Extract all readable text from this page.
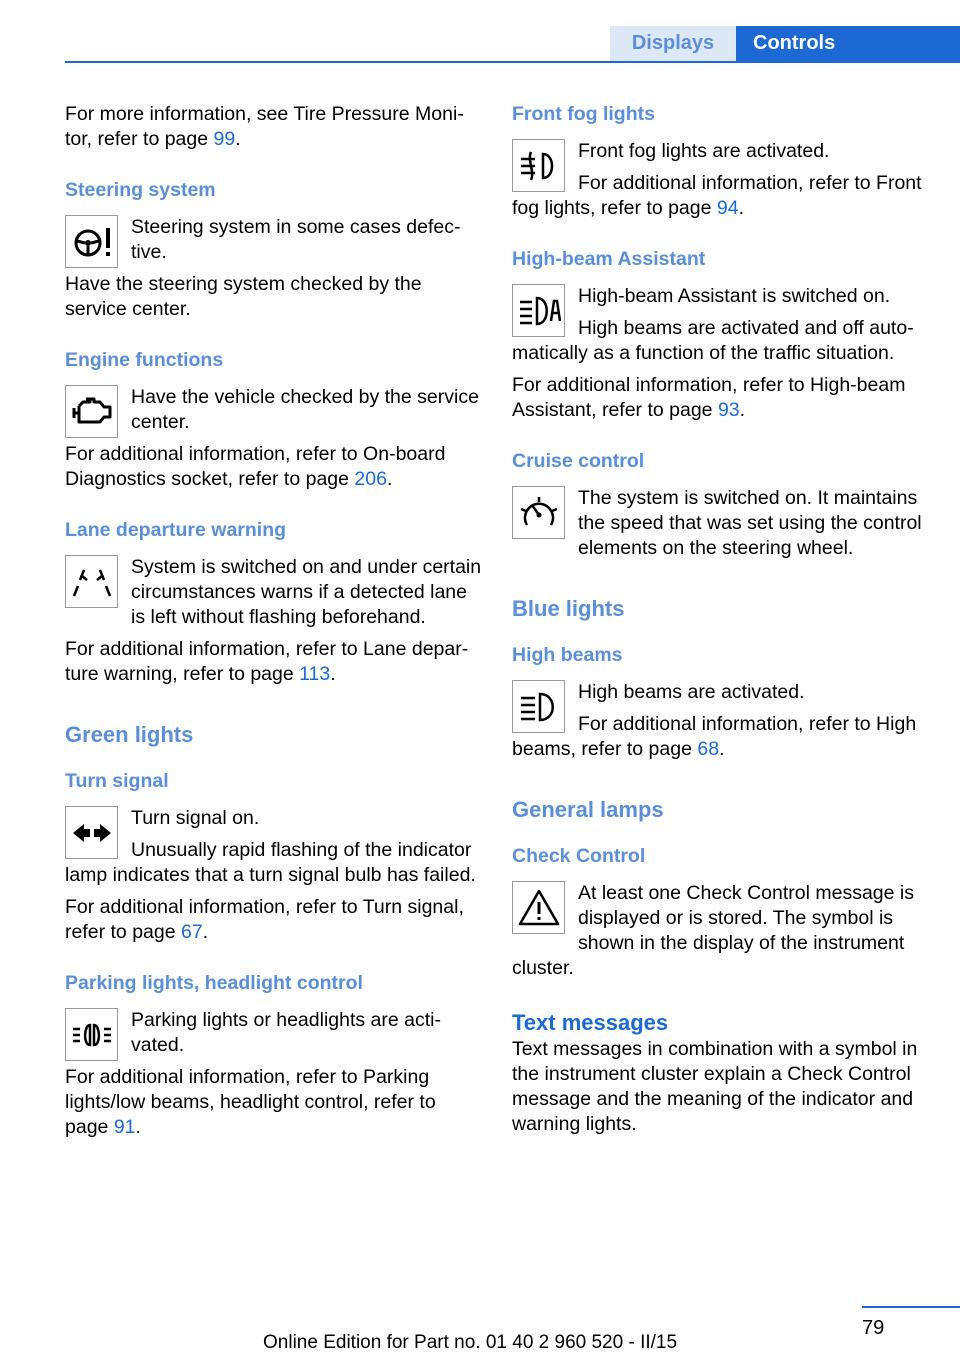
Displays	Controls

For more information, see Tire Pressure Monitor, refer to page 99.

Steering system

Steering system in some cases defective.

Have the steering system checked by the service center.

Engine functions

Have the vehicle checked by the service center.

For additional information, refer to On-board Diagnostics socket, refer to page 206.

Lane departure warning

System is switched on and under certain circumstances warns if a detected lane is left without flashing beforehand.

For additional information, refer to Lane departure warning, refer to page 113.

Green lights
Turn signal

Turn signal on.

Unusually rapid flashing of the indicator lamp indicates that a turn signal bulb has failed.

For additional information, refer to Turn signal, refer to page 67.

Parking lights, headlight control

Parking lights or headlights are activated.

For additional information, refer to Parking lights/low beams, headlight control, refer to page 91.

Front fog lights

Front fog lights are activated.

For additional information, refer to Front fog lights, refer to page 94.

High-beam Assistant

High-beam Assistant is switched on.

High beams are activated and off automatically as a function of the traffic situation.

For additional information, refer to High-beam Assistant, refer to page 93.

Cruise control

The system is switched on. It maintains the speed that was set using the control elements on the steering wheel.

Blue lights
High beams

High beams are activated.

For additional information, refer to High beams, refer to page 68.

General lamps
Check Control

At least one Check Control message is displayed or is stored. The symbol is shown in the display of the instrument cluster.

Text messages

Text messages in combination with a symbol in the instrument cluster explain a Check Control message and the meaning of the indicator and warning lights.

79
Online Edition for Part no. 01 40 2 960 520 - II/15
